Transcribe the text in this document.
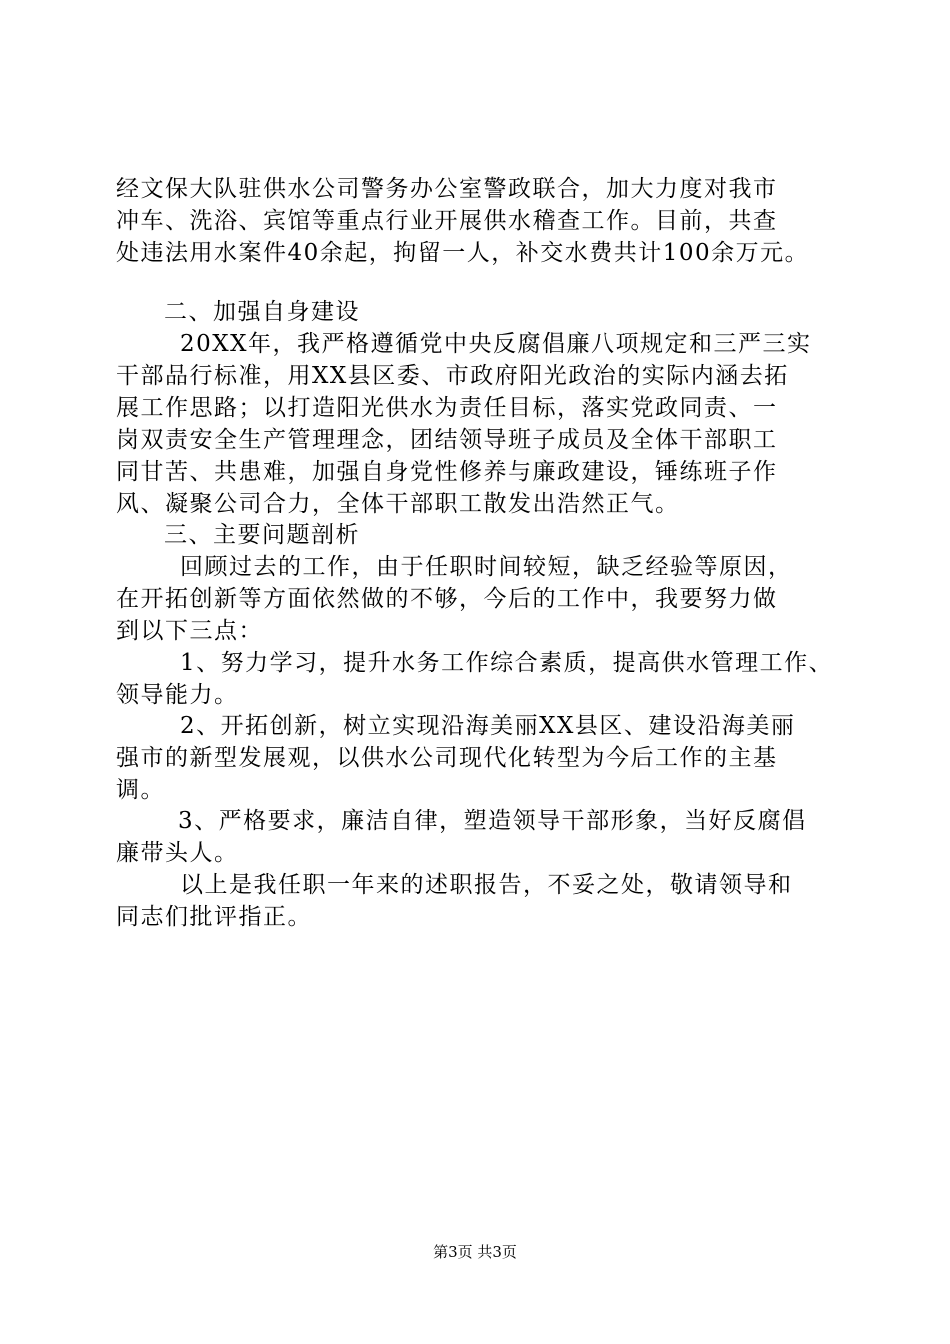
经文保大队驻供水公司警务办公室警政联合，加大力度对我市
冲车、洗浴、宾馆等重点行业开展供水稽查工作。目前，共查
处违法用水案件40余起，拘留一人，补交水费共计100余万元。
二、加强自身建设
20XX年，我严格遵循党中央反腐倡廉八项规定和三严三实
干部品行标准，用XX县区委、市政府阳光政治的实际内涵去拓
展工作思路；以打造阳光供水为责任目标，落实党政同责、一
岗双责安全生产管理理念，团结领导班子成员及全体干部职工
同甘苦、共患难，加强自身党性修养与廉政建设，锤练班子作
风、凝聚公司合力，全体干部职工散发出浩然正气。
三、主要问题剖析
回顾过去的工作，由于任职时间较短，缺乏经验等原因，
在开拓创新等方面依然做的不够，今后的工作中，我要努力做
到以下三点：
1、努力学习，提升水务工作综合素质，提高供水管理工作、
领导能力。
2、开拓创新，树立实现沿海美丽XX县区、建设沿海美丽
强市的新型发展观，以供水公司现代化转型为今后工作的主基
调。
3、严格要求，廉洁自律，塑造领导干部形象，当好反腐倡
廉带头人。
以上是我任职一年来的述职报告，不妥之处，敬请领导和
同志们批评指正。
第3页 共3页
